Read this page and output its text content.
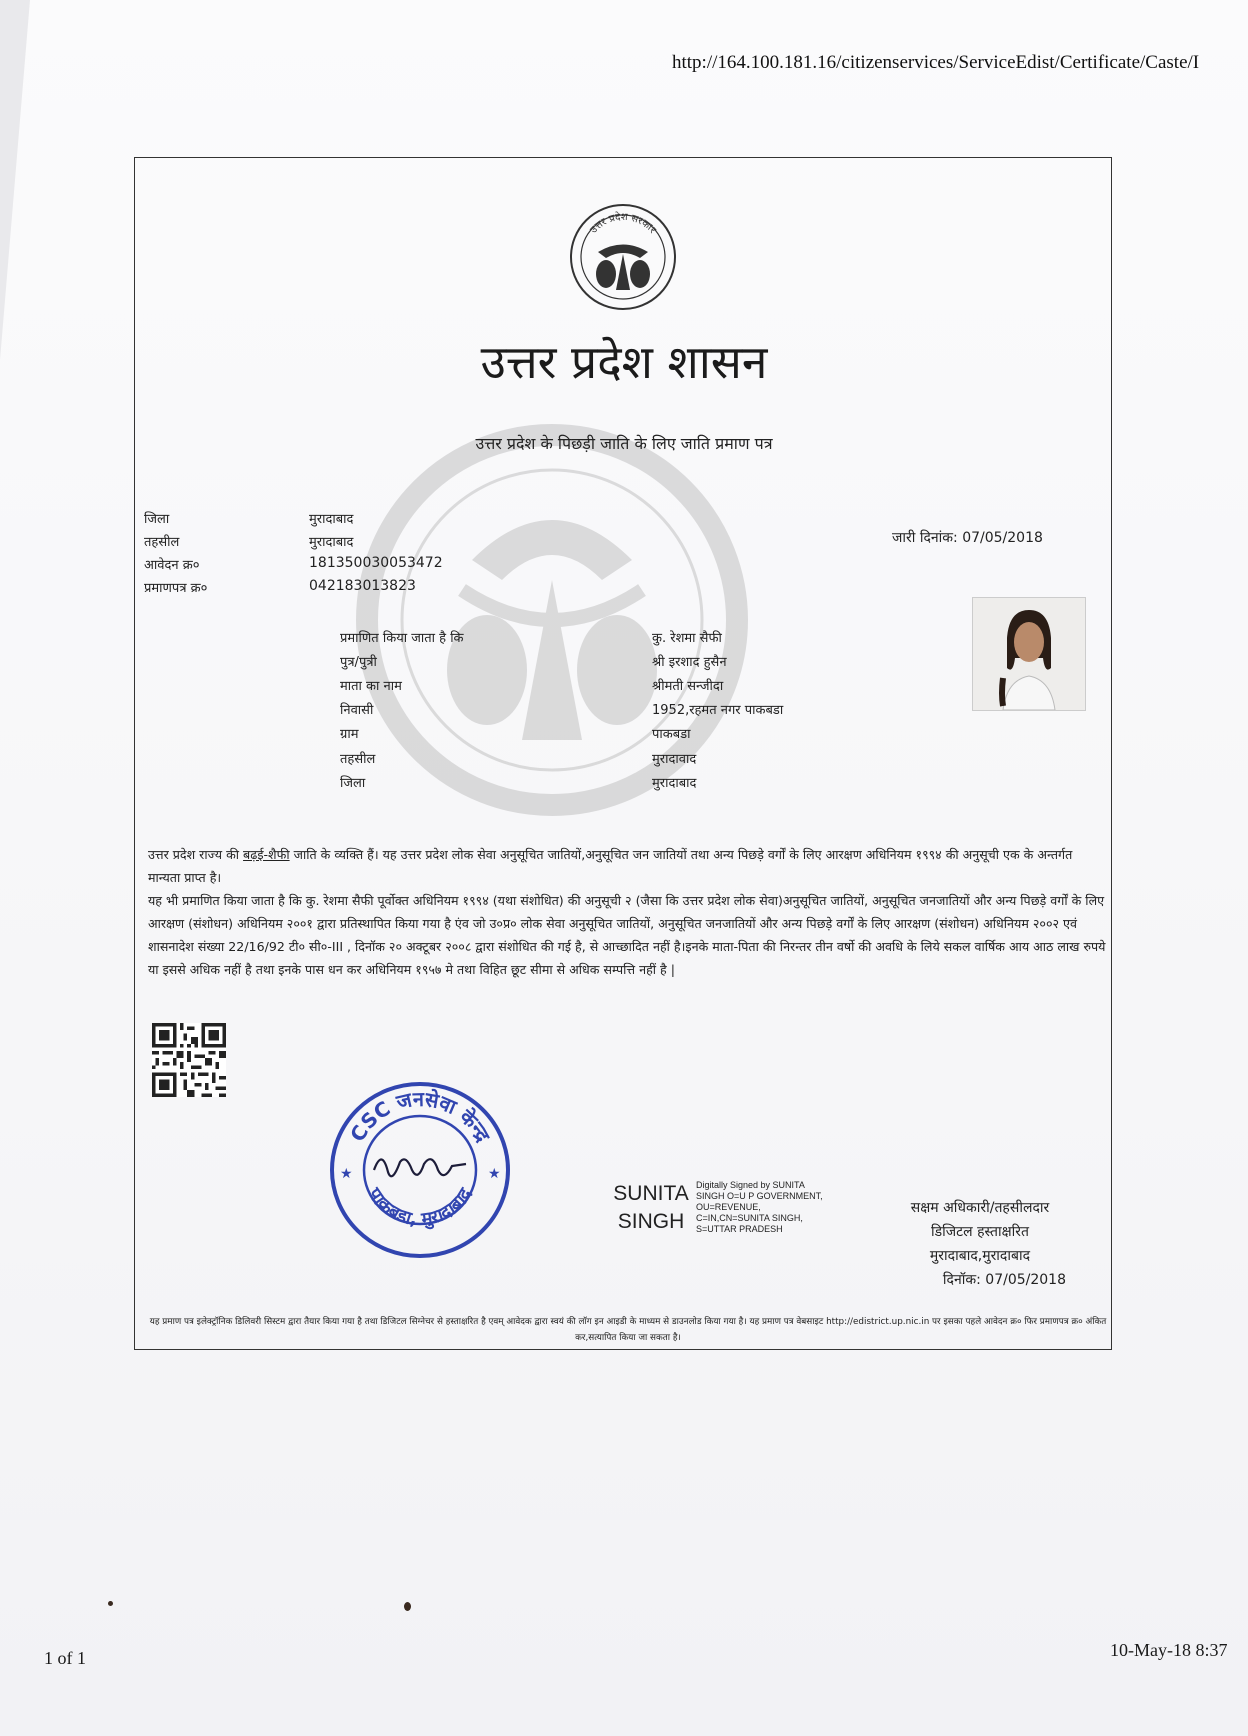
http://164.100.181.16/citizenservices/ServiceEdist/Certificate/Caste/I
उत्तर प्रदेश सरकार
उत्तर प्रदेश शासन
उत्तर प्रदेश के पिछड़ी जाति के लिए जाति प्रमाण पत्र
जिला	मुरादाबाद
तहसील	मुरादाबाद
आवेदन क्र०	181350030053472
प्रमाणपत्र क्र०	042183013823
जारी दिनांक: 07/05/2018
प्रमाणित किया जाता है कि	कु. रेशमा सैफी
पुत्र/पुत्री	श्री इरशाद हुसैन
माता का नाम	श्रीमती सन्जीदा
निवासी	1952,रहमत नगर पाकबडा
ग्राम	पाकबडा
तहसील	मुरादावाद
जिला	मुरादाबाद
उत्तर प्रदेश राज्य की बढ़ई-शैफी जाति के व्यक्ति हैं। यह उत्तर प्रदेश लोक सेवा अनुसूचित जातियों,अनुसूचित जन जातियों तथा अन्य पिछड़े वर्गों के लिए आरक्षण अधिनियम १९९४ की अनुसूची एक के अन्तर्गत मान्यता प्राप्त है।
यह भी प्रमाणित किया जाता है कि कु. रेशमा सैफी पूर्वोक्त अधिनियम १९९४ (यथा संशोधित) की अनुसूची २ (जैसा कि उत्तर प्रदेश लोक सेवा)अनुसूचित जातियों, अनुसूचित जनजातियों और अन्य पिछड़े वर्गों के लिए आरक्षण (संशोधन) अधिनियम २००१ द्वारा प्रतिस्थापित किया गया है एंव जो उ०प्र० लोक सेवा अनुसूचित जातियों, अनुसूचित जनजातियों और अन्य पिछड़े वर्गों के लिए आरक्षण (संशोधन) अधिनियम २००२ एवं शासनादेश संख्या 22/16/92 टी० सी०-III , दिनॉक २० अक्टूबर २००८ द्वारा संशोधित की गई है, से आच्छादित नहीं है।इनके माता-पिता की निरन्तर तीन वर्षो की अवधि के लिये सकल वार्षिक आय आठ लाख रुपये या इससे अधिक नहीं है तथा इनके पास धन कर अधिनियम १९५७ मे तथा विहित छूट सीमा से अधिक सम्पत्ति नहीं है |
CSC जनसेवा केन्द्र
पाकबडा, मुरादाबाद
★	★
SUNITA
SINGH
Digitally Signed by SUNITA
SINGH O=U P GOVERNMENT,
OU=REVENUE,
C=IN,CN=SUNITA SINGH,
S=UTTAR PRADESH
सक्षम अधिकारी/तहसीलदार
डिजिटल हस्ताक्षरित
मुरादाबाद,मुरादाबाद
दिनॉक: 07/05/2018
यह प्रमाण पत्र इलेक्ट्रॉनिक डिलिवरी सिस्टम द्वारा तैयार किया गया है तथा डिजिटल सिग्नेचर से हस्ताक्षरित है एवम् आवेदक द्वारा स्वयं की लॉग इन आइडी के माध्यम से डाउनलोड किया गया है। यह प्रमाण पत्र वेबसाइट http://edistrict.up.nic.in पर इसका पहले आवेदन क्र० फिर प्रमाणपत्र क्र० अंकित कर,सत्यापित किया जा सकता है।
1 of 1	10-May-18 8:37
